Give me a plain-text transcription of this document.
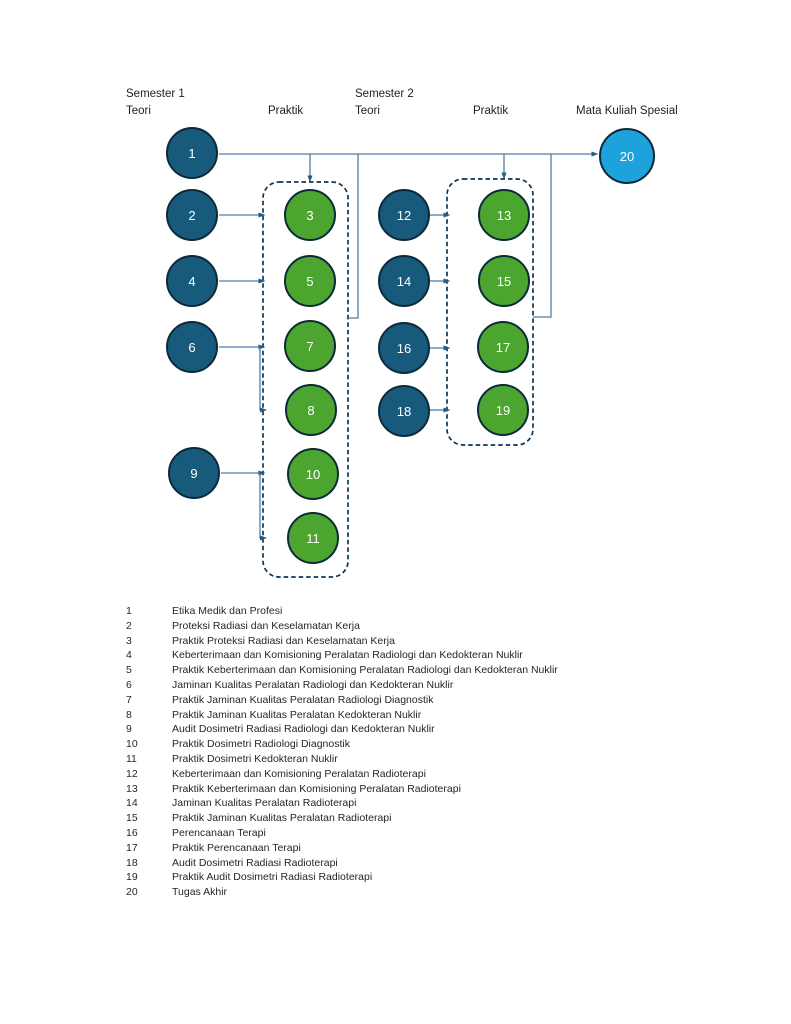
Semester 1
Teori	Praktik
Semester 2
Teori	Praktik	Mata Kuliah Spesial
1
2
4
6
9
3
5
7
8
10
11
12
14
16
18
13
15
17
19
20
1	Etika Medik dan Profesi
2	Proteksi Radiasi dan Keselamatan Kerja
3	Praktik Proteksi Radiasi dan Keselamatan Kerja
4	Keberterimaan dan Komisioning Peralatan Radiologi dan Kedokteran Nuklir
5	Praktik Keberterimaan dan Komisioning Peralatan Radiologi dan Kedokteran Nuklir
6	Jaminan Kualitas Peralatan Radiologi dan Kedokteran Nuklir
7	Praktik Jaminan Kualitas Peralatan Radiologi Diagnostik
8	Praktik Jaminan Kualitas Peralatan Kedokteran Nuklir
9	Audit Dosimetri Radiasi Radiologi dan Kedokteran Nuklir
10	Praktik Dosimetri Radiologi Diagnostik
11	Praktik Dosimetri Kedokteran Nuklir
12	Keberterimaan dan Komisioning Peralatan Radioterapi
13	Praktik Keberterimaan dan Komisioning Peralatan Radioterapi
14	Jaminan Kualitas Peralatan Radioterapi
15	Praktik Jaminan Kualitas Peralatan Radioterapi
16	Perencanaan Terapi
17	Praktik Perencanaan Terapi
18	Audit Dosimetri Radiasi Radioterapi
19	Praktik Audit Dosimetri Radiasi Radioterapi
20	Tugas Akhir
